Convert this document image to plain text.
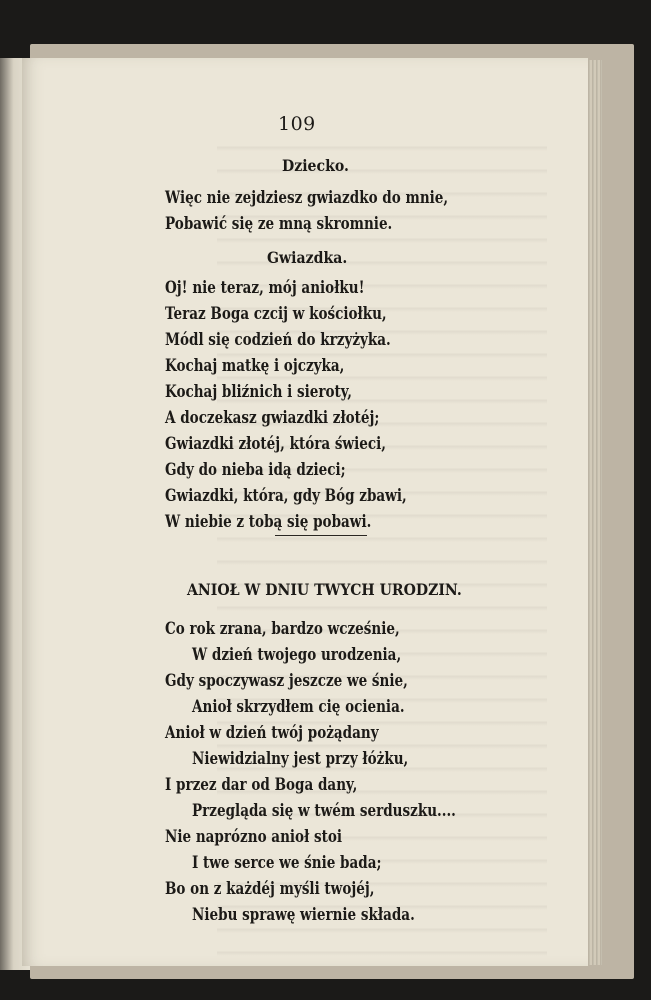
109
Dziecko.
Więc nie zejdziesz gwiazdko do mnie,
Pobawić się ze mną skromnie.
Gwiazdka.
Oj! nie teraz, mój aniołku!
Teraz Boga czcij w kościołku,
Módl się codzień do krzyżyka.
Kochaj matkę i ojczyka,
Kochaj bliźnich i sieroty,
A doczekasz gwiazdki złotéj;
Gwiazdki złotéj, która świeci,
Gdy do nieba idą dzieci;
Gwiazdki, która, gdy Bóg zbawi,
W niebie z tobą się pobawi.
ANIOŁ W DNIU TWYCH URODZIN.
Co rok zrana, bardzo wcześnie,
W dzień twojego urodzenia,
Gdy spoczywasz jeszcze we śnie,
Anioł skrzydłem cię ocienia.
Anioł w dzień twój pożądany
Niewidzialny jest przy łóżku,
I przez dar od Boga dany,
Przegląda się w twém serduszku....
Nie naprózno anioł stoi
I twe serce we śnie bada;
Bo on z każdéj myśli twojéj,
Niebu sprawę wiernie składa.
